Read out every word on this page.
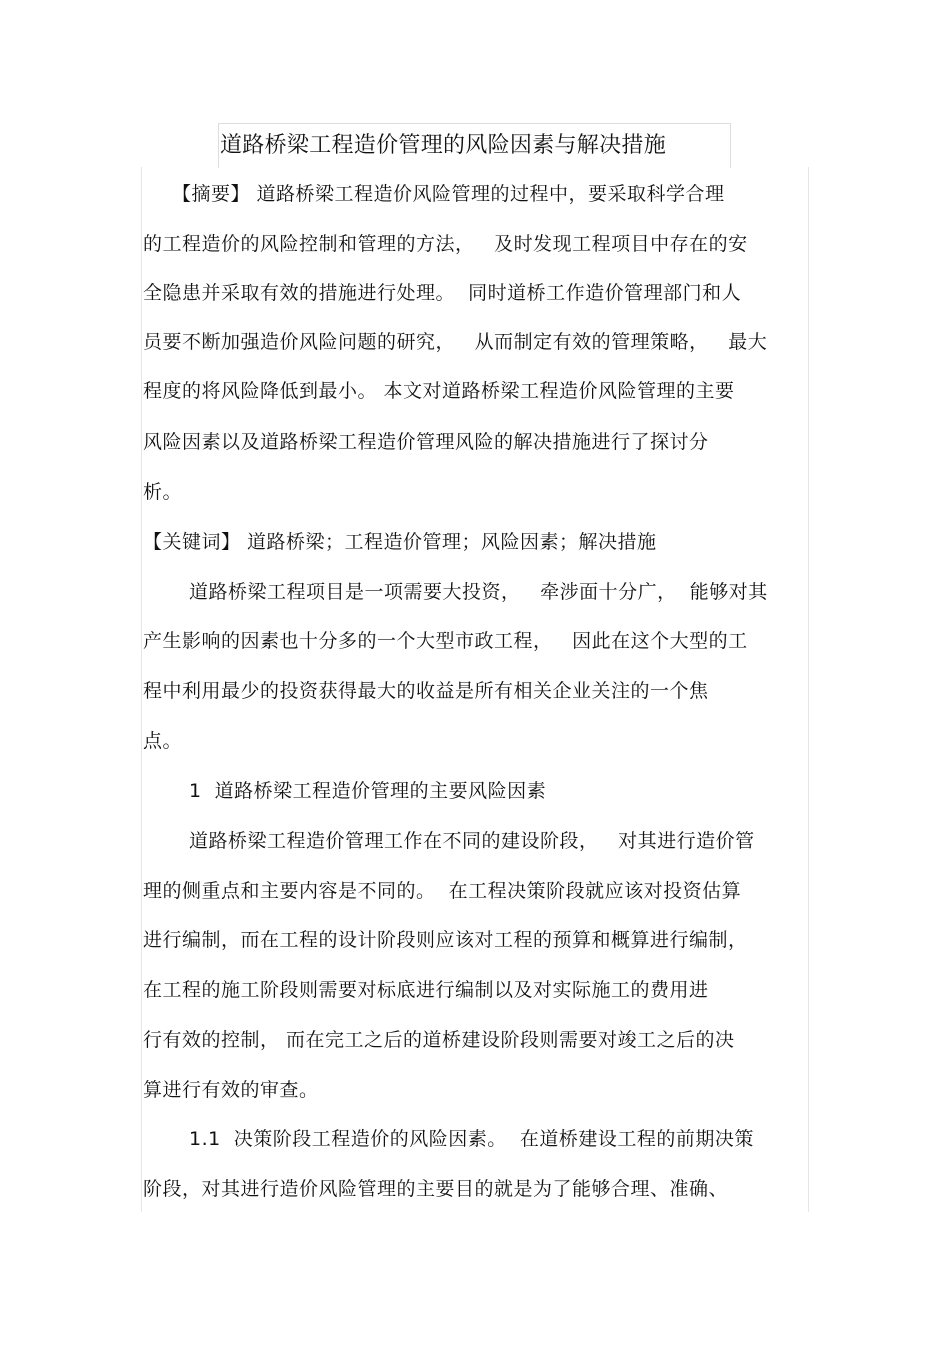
道路桥梁工程造价管理的风险因素与解决措施
【摘要】 道路桥梁工程造价风险管理的过程中，要采取科学合理
的工程造价的风险控制和管理的方法，   及时发现工程项目中存在的安
全隐患并采取有效的措施进行处理。  同时道桥工作造价管理部门和人
员要不断加强造价风险问题的研究，   从而制定有效的管理策略，   最大
程度的将风险降低到最小。 本文对道路桥梁工程造价风险管理的主要
风险因素以及道路桥梁工程造价管理风险的解决措施进行了探讨分
析。
【关键词】 道路桥梁；工程造价管理；风险因素；解决措施
道路桥梁工程项目是一项需要大投资，   牵涉面十分广，  能够对其
产生影响的因素也十分多的一个大型市政工程，   因此在这个大型的工
程中利用最少的投资获得最大的收益是所有相关企业关注的一个焦
点。
1  道路桥梁工程造价管理的主要风险因素
道路桥梁工程造价管理工作在不同的建设阶段，   对其进行造价管
理的侧重点和主要内容是不同的。  在工程决策阶段就应该对投资估算
进行编制，而在工程的设计阶段则应该对工程的预算和概算进行编制，
在工程的施工阶段则需要对标底进行编制以及对实际施工的费用进
行有效的控制， 而在完工之后的道桥建设阶段则需要对竣工之后的决
算进行有效的审查。
1.1  决策阶段工程造价的风险因素。  在道桥建设工程的前期决策
阶段，对其进行造价风险管理的主要目的就是为了能够合理、准确、
